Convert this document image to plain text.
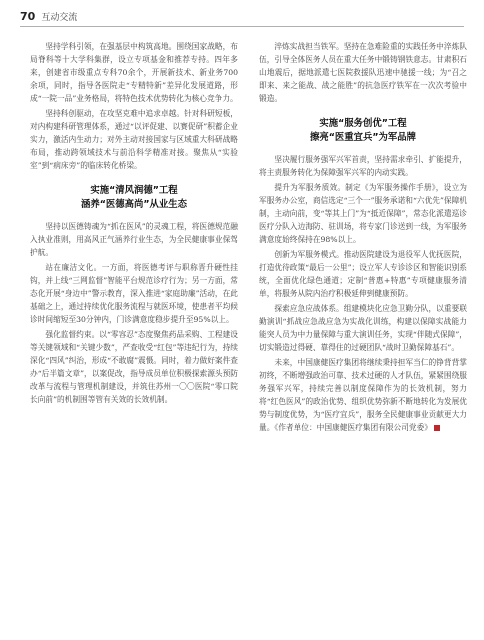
70 互动交流

坚持学科引领，在强基层中构筑高地。围绕国家战略，布局脊科等十大学科集群，设立专项基金和推荐专持。四年多来，创建省市级重点专科70余个，开展新技术、新业务700余项，同时，指导各医院走“专精特新”差异化发展道路，形成“一院一品”业务格局，将特色技术优势转化为核心竞争力。

坚持科创驱动，在攻坚克难中追求卓越。针对科研短板，对内构建科研管理体系，通过“以评促建、以赛促研”积蓄企业实力，激活内生动力；对外主动对接国家与区域重大科研战略布局，推动跨领域技术与前沿科学精准对接。聚焦从“实验室”到“病床旁”的临床转化桥梁。

实施“清风润德”工程
涵养“医德高尚”从业生态

坚持以医德铸魂为“抓在医风”的灵魂工程，将医德规范融入执业准则，用高风正气涵养行业生态，为全民健康事业保驾护航。

站在廉洁文化。一方面，将医德考评与职称晋升硬性挂钩，并上线“三网监督”智能平台规范诊疗行为；另一方面，常态化开展“身边中”警示教育，深入推进“家庭助廉”活动，在此基础之上，通过持续优化服务流程与就医环境，使患者平均候诊时间缩短至30分钟内，门诊满意度稳步提升至95%以上。

强化监督约束。以“零容忍”态度聚焦药品采购、工程建设等关键领域和“关键少数”，严查收受“红包”等违纪行为，持续深化“四风”纠治，形成“不敢腐”震慑。同时，着力做好案件查办“后半篇文章”，以案促改，指导成员单位积极探索源头预防改革与流程与管理机制建设，并筑住苏州一〇〇医院“零口院长向前”的机制围等管有关效的长效机制。

淬炼实战担当铁军。坚持在急难险重的实践任务中淬炼队伍，引导全体医务人员在重大任务中锻铸钢铁意志。甘肃积石山地震后，据地派遣七医院救援队迅速中驰援一线；为“召之即来、来之能战、战之能胜”的抗急医疗铁军在一次次考验中锻造。

实施“服务创优”工程
擦亮“医重宜兵”为军品牌

坚决履行服务强军兴军首责，坚持需求牵引、扩能提升，将主责服务转化为保障强军兴军的内动实践。

提升为军服务质效。制定《为军服务操作手册》，设立为军服务办公室，商信选定“三个一”服务承诺和“六优先”保障机制，主动向前，变“等其上门”为“抵近保障”，常态化派遣巡诊医疗分队入边海防、驻训场，将专家门诊送到一线，为军服务满意度始终保持在98%以上。

创新为军服务模式。推动医院建设为退役军人优抚医院，打造优待政策“最后一公里”；设立军人专诊诊区和智能识别系统，全面优化绿色通道；定制“普惠+特惠”专项健康服务清单，将服务从院内治疗积极延伸到健康预防。

探索应急应战体系。组建模块化应急卫勤分队，以重要联勤演训“抓战应急战应急为实战化训练，构建以保障实战能力能突人员为中力量保障与重大演训任务，实现“伴随式保障”，切实锻造过得硬、靠得住的过硬团队“战时卫勤保障基石”。

未来，中国康健医疗集团将继续秉持担军当仁的铮背背掌初终，不断增强政治可靠、技术过硬的人才队伍，紧紧围绕服务强军兴军，持续完善以制度保障作为的长效机制，努力将“红色医风”的政治优势、组织优势弥新不断地转化为发展优势与制度优势，为“医疗宜兵”，服务全民健康事业贡献更大力量。《作者单位：中国康健医疗集团有限公司党委》
